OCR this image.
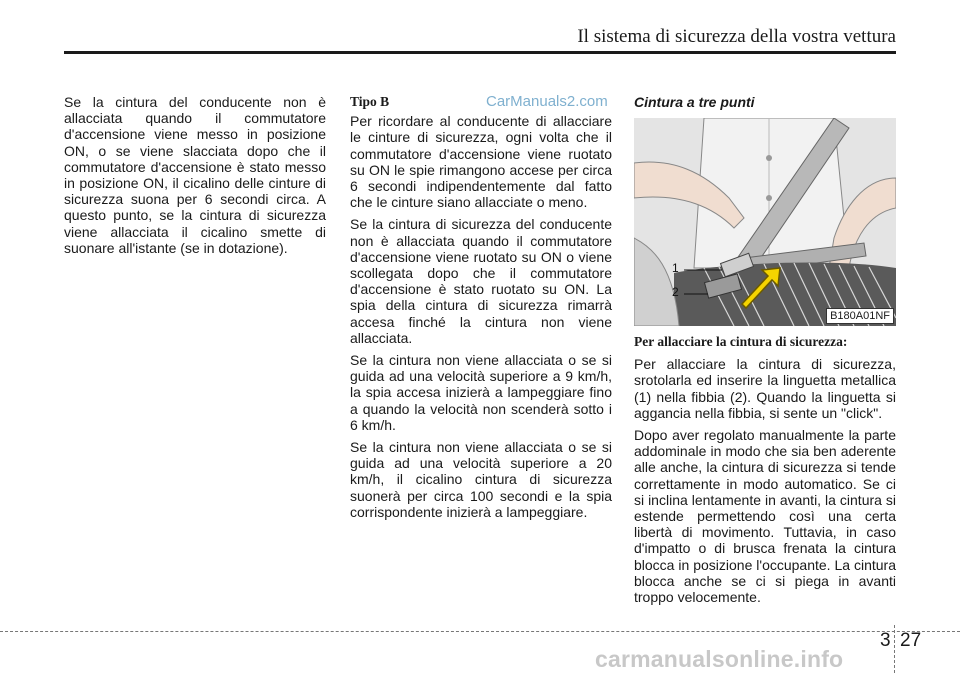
Il sistema di sicurezza della vostra vettura
CarManuals2.com

Se la cintura del conducente non è allacciata quando il commutatore d'accensione viene messo in posizione ON, o se viene slacciata dopo che il commutatore d'accensione è stato messo in posizione ON, il cicalino delle cinture di sicurezza suona per 6 secondi circa. A questo punto, se la cintura di sicurezza viene allacciata il cicalino smette di suonare all'istante (se in dotazione).

Tipo B

Per ricordare al conducente di allacciare le cinture di sicurezza, ogni volta che il commutatore d'accensione viene ruotato su ON le spie rimangono accese per circa 6 secondi indipendentemente dal fatto che le cinture siano allacciate o meno.

Se la cintura di sicurezza del conducente non è allacciata quando il commutatore d'accensione viene ruotato su ON o viene scollegata dopo che il commutatore d'accensione è stato ruotato su ON. La spia della cintura di sicurezza rimarrà accesa finché la cintura non viene allacciata.

Se la cintura non viene allacciata o se si guida ad una velocità superiore a 9 km/h, la spia accesa inizierà a lampeggiare fino a quando la velocità non scenderà sotto i 6 km/h.

Se la cintura non viene allacciata o se si guida ad una velocità superiore a 20 km/h, il cicalino cintura di sicurezza suonerà per circa 100 secondi e la spia corrispondente inizierà a lampeggiare.

Cintura a tre punti
1
2
B180A01NF
Per allacciare la cintura di sicurezza:

Per allacciare la cintura di sicurezza, srotolarla ed inserire la linguetta metallica (1) nella fibbia (2). Quando la linguetta si aggancia nella fibbia, si sente un "click".

Dopo aver regolato manualmente la parte addominale in modo che sia ben aderente alle anche, la cintura di sicurezza si tende correttamente in modo automatico. Se ci si inclina lentamente in avanti, la cintura si estende permettendo così una certa libertà di movimento. Tuttavia, in caso d'impatto o di brusca frenata la cintura blocca in posizione l'occupante. La cintura blocca anche se ci si piega in avanti troppo velocemente.

3 27
carmanualsonline.info
